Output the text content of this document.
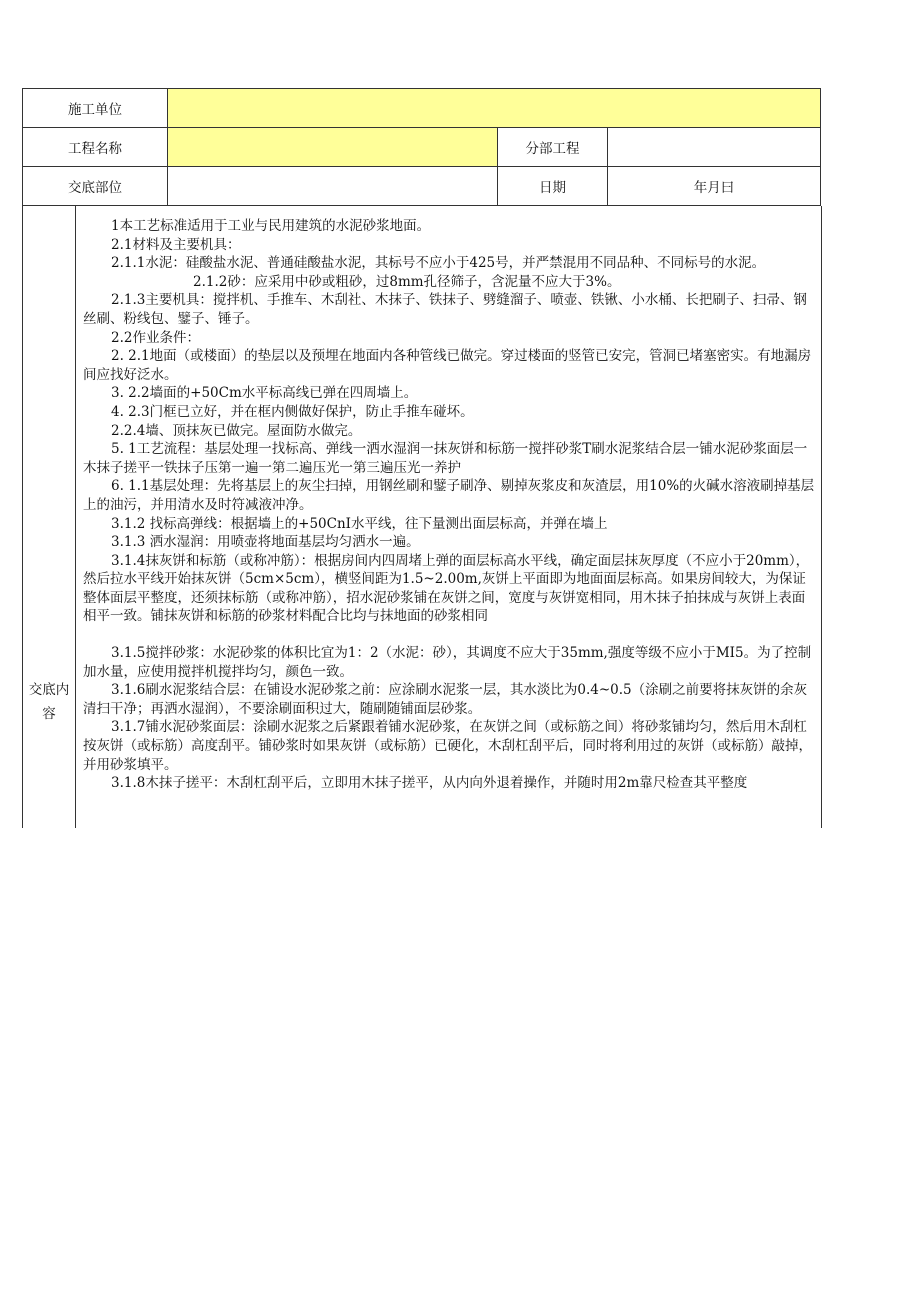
施工单位			
工程名称		分部工程	
交底部位		日期	年月曰
交底内
容

1本工艺标准适用于工业与民用建筑的水泥砂浆地面。

2.1材料及主要机具：

2.1.1水泥：硅酸盐水泥、普通硅酸盐水泥，其标号不应小于425号，并严禁混用不同品种、不同标号的水泥。

2.1.2砂：应采用中砂或粗砂，过8mm孔径筛子，含泥量不应大于3%。

2.1.3主要机具：搅拌机、手推车、木刮社、木抹子、铁抹子、劈缝溜子、喷壶、铁锹、小水桶、长把刷子、扫帚、钢丝刷、粉线包、鐾子、锤子。

2.2作业条件：

2. 2.1地面（或楼面）的垫层以及预埋在地面内各种管线已做完。穿过楼面的竖管已安完，管洞已堵塞密实。有地漏房间应找好泛水。

3. 2.2墙面的+50Cm水平标高线已弹在四周墙上。

4. 2.3门框已立好，并在框内侧做好保护，防止手推车碰坏。

2.2.4墙、顶抹灰已做完。屋面防水做完。

5. 1工艺流程：基层处理一找标高、弹线一洒水湿润一抹灰饼和标筋一搅拌砂浆T刷水泥浆结合层一铺水泥砂浆面层一木抹子搓平一铁抹子压第一遍一第二遍压光一第三遍压光一养护

6. 1.1基层处理：先将基层上的灰尘扫掉，用钢丝刷和鐾子刷净、剔掉灰浆皮和灰渣层，用10%的火碱水溶液刷掉基层上的油污，并用清水及时符减液冲净。

3.1.2 找标高弹线：根据墙上的+50CnI水平线，往下量测出面层标高，并弹在墙上

3.1.3 洒水湿润：用喷壶将地面基层均匀洒水一遍。

3.1.4抹灰饼和标筋（或称冲筋）：根据房间内四周堵上弹的面层标高水平线，确定面层抹灰厚度（不应小于20mm），然后拉水平线开始抹灰饼（5cm×5cm），横竖间距为1.5~2.00m,灰饼上平面即为地面面层标高。如果房间较大，为保证整体面层平整度，还须抹标筋（或称冲筋），招水泥砂浆铺在灰饼之间，宽度与灰饼宽相同，用木抹子拍抹成与灰饼上表面相平一致。铺抹灰饼和标筋的砂浆材料配合比均与抹地面的砂浆相同

3.1.5搅拌砂浆：水泥砂浆的体积比宜为1：2（水泥：砂），其调度不应大于35mm,强度等级不应小于MI5。为了控制加水量，应使用搅拌机搅拌均匀，颜色一致。

3.1.6刷水泥浆结合层：在铺设水泥砂浆之前：应涂刷水泥浆一层，其水淡比为0.4~0.5（涂刷之前要将抹灰饼的余灰清扫干净；再洒水湿润），不要涂刷面积过大，随刷随铺面层砂浆。

3.1.7铺水泥砂浆面层：涂刷水泥浆之后紧跟着铺水泥砂浆，在灰饼之间（或标筋之间）将砂浆铺均匀，然后用木刮杠按灰饼（或标筋）高度刮平。铺砂浆时如果灰饼（或标筋）已硬化，木刮杠刮平后，同时将利用过的灰饼（或标筋）敲掉，并用砂浆填平。

3.1.8木抹子搓平：木刮杠刮平后，立即用木抹子搓平，从内向外退着操作，并随时用2m靠尺检查其平整度
